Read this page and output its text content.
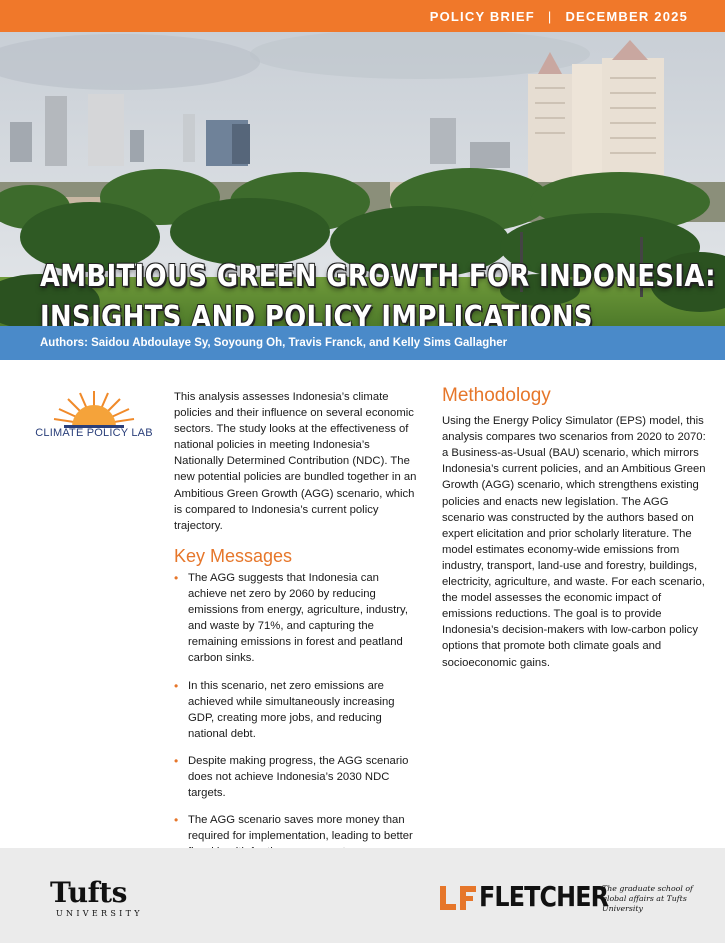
POLICY BRIEF | DECEMBER 2025
AMBITIOUS GREEN GROWTH FOR INDONESIA:
INSIGHTS AND POLICY IMPLICATIONS
Authors: Saidou Abdoulaye Sy, Soyoung Oh, Travis Franck, and Kelly Sims Gallagher
CLIMATE POLICY LAB

This analysis assesses Indonesia’s climate policies and their influence on several economic sectors. The study looks at the effectiveness of national policies in meeting Indonesia’s Nationally Determined Contribution (NDC). The new potential policies are bundled together in an Ambitious Green Growth (AGG) scenario, which is compared to Indonesia’s current policy trajectory.

Key Messages
• The AGG suggests that Indonesia can achieve net zero by 2060 by reducing emissions from energy, agriculture, industry, and waste by 71%, and capturing the remaining emissions in forest and peatland carbon sinks.
• In this scenario, net zero emissions are achieved while simultaneously increasing GDP, creating more jobs, and reducing national debt.
• Despite making progress, the AGG scenario does not achieve Indonesia’s 2030 NDC targets.
• The AGG scenario saves more money than required for implementation, leading to better
Methodology

Using the Energy Policy Simulator (EPS) model, this analysis compares two scenarios from 2020 to 2070: a Business-as-Usual (BAU) scenario, which mirrors Indonesia’s current policies, and an Ambitious Green Growth (AGG) scenario, which strengthens existing policies and enacts new legislation. The AGG scenario was constructed by the authors based on expert elicitation and prior scholarly literature. The model estimates economy-wide emissions from industry, transport, land-use and forestry, buildings, electricity, agriculture, and waste. For each scenario, the model assesses the economic impact of emissions reductions. The goal is to provide Indonesia’s decision-makers with low-carbon policy options that promote both climate goals and socioeconomic gains.

Tufts
UNIVERSITY
FLETCHER
The graduate school of global affairs at Tufts University
